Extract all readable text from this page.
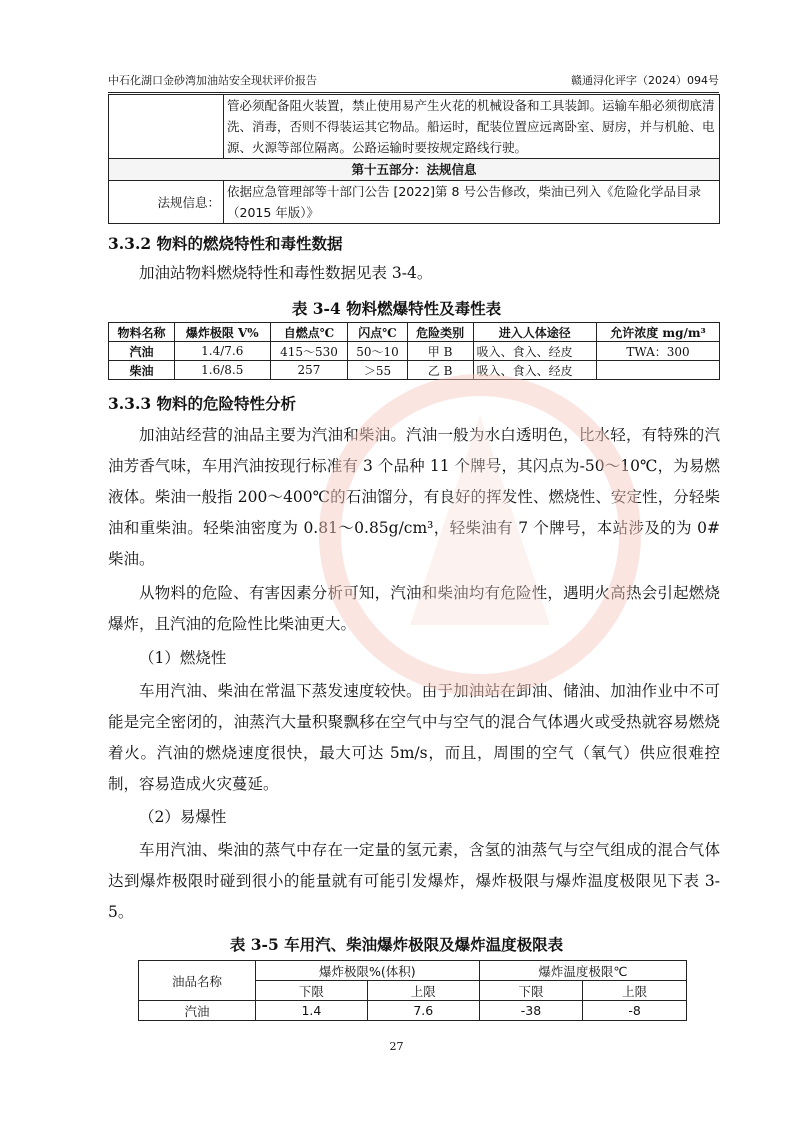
中石化湖口金砂湾加油站安全现状评价报告	赣通浔化评字（2024）094号
	管必须配备阻火装置，禁止使用易产生火花的机械设备和工具装卸。运输车船必须彻底清洗、消毒，否则不得装运其它物品。船运时，配装位置应远离卧室、厨房，并与机舱、电源、火源等部位隔离。公路运输时要按规定路线行驶。
第十五部分：法规信息	
法规信息：	依据应急管理部等十部门公告 [2022]第 8 号公告修改，柴油已列入《危险化学品目录（2015 年版）》
3.3.2 物料的燃烧特性和毒性数据
加油站物料燃烧特性和毒性数据见表 3-4。
表 3-4 物料燃爆特性及毒性表
物料名称	爆炸极限 V%	自燃点℃	闪点℃	危险类别	进入人体途径	允许浓度 mg/m³
汽油	1.4/7.6	415～530	50～10	甲 B	吸入、食入、经皮	TWA：300
柴油	1.6/8.5	257	＞55	乙 B	吸入、食入、经皮	
3.3.3 物料的危险特性分析
加油站经营的油品主要为汽油和柴油。汽油一般为水白透明色，比水轻，有特殊的汽油芳香气味，车用汽油按现行标准有 3 个品种 11 个牌号，其闪点为-50～10℃，为易燃液体。柴油一般指 200～400℃的石油馏分，有良好的挥发性、燃烧性、安定性，分轻柴油和重柴油。轻柴油密度为 0.81～0.85g/cm³，轻柴油有 7 个牌号，本站涉及的为 0#柴油。
从物料的危险、有害因素分析可知，汽油和柴油均有危险性，遇明火高热会引起燃烧爆炸，且汽油的危险性比柴油更大。
（1）燃烧性
车用汽油、柴油在常温下蒸发速度较快。由于加油站在卸油、储油、加油作业中不可能是完全密闭的，油蒸汽大量积聚飘移在空气中与空气的混合气体遇火或受热就容易燃烧着火。汽油的燃烧速度很快，最大可达 5m/s，而且，周围的空气（氧气）供应很难控制，容易造成火灾蔓延。
（2）易爆性
车用汽油、柴油的蒸气中存在一定量的氢元素，含氢的油蒸气与空气组成的混合气体达到爆炸极限时碰到很小的能量就有可能引发爆炸，爆炸极限与爆炸温度极限见下表 3-5。
表 3-5 车用汽、柴油爆炸极限及爆炸温度极限表
油品名称	爆炸极限%(体积)		爆炸温度极限℃	
	下限	上限	下限	上限
汽油	1.4	7.6	-38	-8
27
